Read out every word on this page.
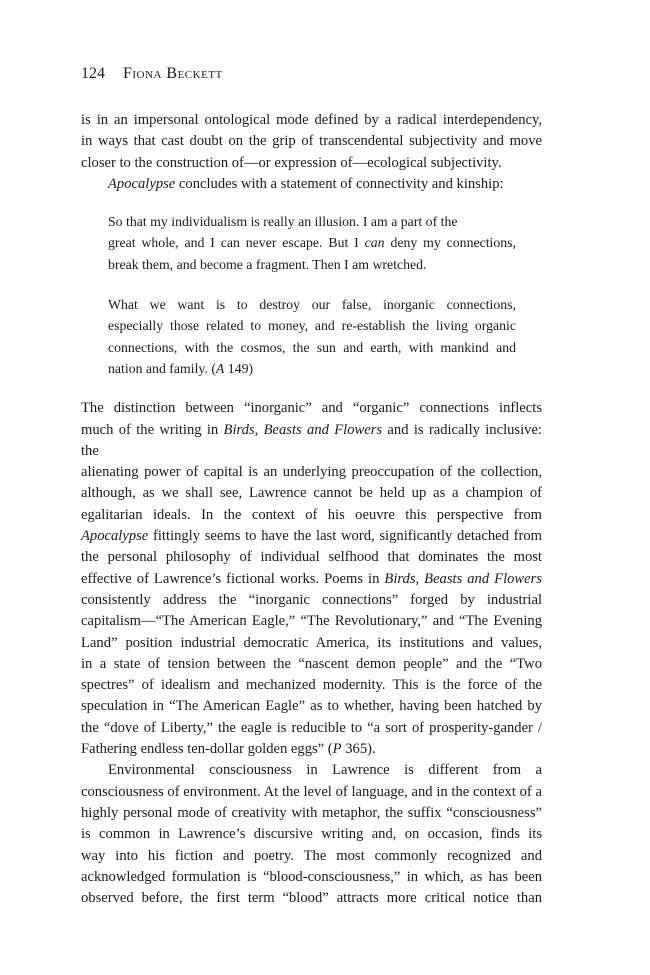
124 Fiona Beckett
is in an impersonal ontological mode defined by a radical interdependency,
in ways that cast doubt on the grip of transcendental subjectivity and move
closer to the construction of—or expression of—ecological subjectivity.
Apocalypse concludes with a statement of connectivity and kinship:
So that my individualism is really an illusion. I am a part of the
great whole, and I can never escape. But I can deny my connections,
break them, and become a fragment. Then I am wretched.
What we want is to destroy our false, inorganic connections,
especially those related to money, and re-establish the living organic
connections, with the cosmos, the sun and earth, with mankind and
nation and family. (A 149)
The distinction between “inorganic” and “organic” connections inflects
much of the writing in Birds, Beasts and Flowers and is radically inclusive: the
alienating power of capital is an underlying preoccupation of the collection,
although, as we shall see, Lawrence cannot be held up as a champion of
egalitarian ideals. In the context of his oeuvre this perspective from
Apocalypse fittingly seems to have the last word, significantly detached from
the personal philosophy of individual selfhood that dominates the most
effective of Lawrence’s fictional works. Poems in Birds, Beasts and Flowers
consistently address the “inorganic connections” forged by industrial
capitalism—“The American Eagle,” “The Revolutionary,” and “The Evening
Land” position industrial democratic America, its institutions and values,
in a state of tension between the “nascent demon people” and the “Two
spectres” of idealism and mechanized modernity. This is the force of the
speculation in “The American Eagle” as to whether, having been hatched by
the “dove of Liberty,” the eagle is reducible to “a sort of prosperity-gander /
Fathering endless ten-dollar golden eggs” (P 365).
Environmental consciousness in Lawrence is different from a
consciousness of environment. At the level of language, and in the context of a
highly personal mode of creativity with metaphor, the suffix “consciousness”
is common in Lawrence’s discursive writing and, on occasion, finds its
way into his fiction and poetry. The most commonly recognized and
acknowledged formulation is “blood-consciousness,” in which, as has been
observed before, the first term “blood” attracts more critical notice than
